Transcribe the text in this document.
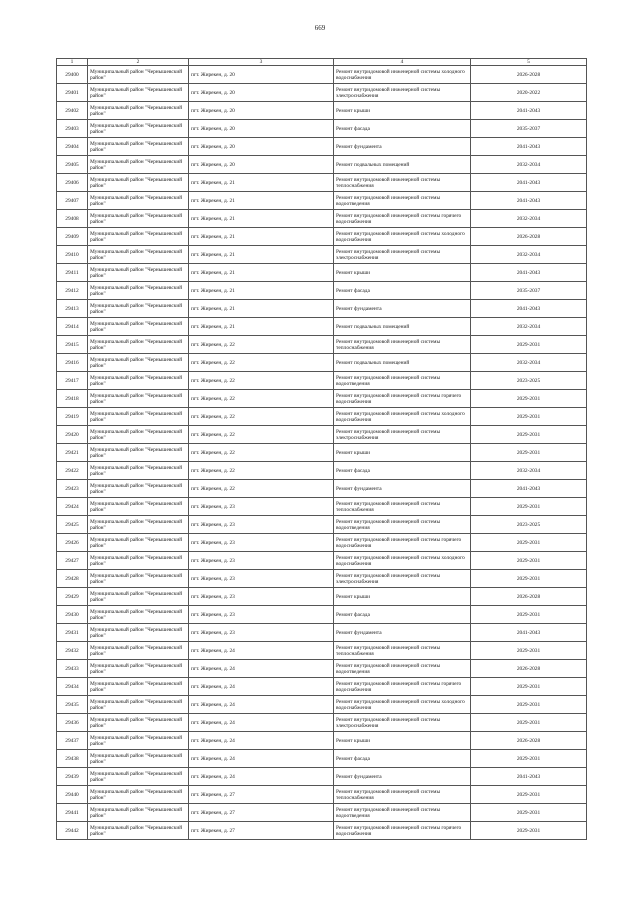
669
1	2	3	4	5
29400	Муниципальный район "Чернышевский район"	пгт. Жирекен, д. 20	Ремонт внутридомовой инженерной системы холодного водоснабжения	2026-2028
29401	Муниципальный район "Чернышевский район"	пгт. Жирекен, д. 20	Ремонт внутридомовой инженерной системы электроснабжения	2020-2022
29402	Муниципальный район "Чернышевский район"	пгт. Жирекен, д. 20	Ремонт крыши	2041-2043
29403	Муниципальный район "Чернышевский район"	пгт. Жирекен, д. 20	Ремонт фасада	2035-2037
29404	Муниципальный район "Чернышевский район"	пгт. Жирекен, д. 20	Ремонт фундамента	2041-2043
29405	Муниципальный район "Чернышевский район"	пгт. Жирекен, д. 20	Ремонт подвальных помещений	2032-2034
29406	Муниципальный район "Чернышевский район"	пгт. Жирекен, д. 21	Ремонт внутридомовой инженерной системы теплоснабжения	2041-2043
29407	Муниципальный район "Чернышевский район"	пгт. Жирекен, д. 21	Ремонт внутридомовой инженерной системы водоотведения	2041-2043
29408	Муниципальный район "Чернышевский район"	пгт. Жирекен, д. 21	Ремонт внутридомовой инженерной системы горячего водоснабжения	2032-2034
29409	Муниципальный район "Чернышевский район"	пгт. Жирекен, д. 21	Ремонт внутридомовой инженерной системы холодного водоснабжения	2026-2028
29410	Муниципальный район "Чернышевский район"	пгт. Жирекен, д. 21	Ремонт внутридомовой инженерной системы электроснабжения	2032-2034
29411	Муниципальный район "Чернышевский район"	пгт. Жирекен, д. 21	Ремонт крыши	2041-2043
29412	Муниципальный район "Чернышевский район"	пгт. Жирекен, д. 21	Ремонт фасада	2035-2037
29413	Муниципальный район "Чернышевский район"	пгт. Жирекен, д. 21	Ремонт фундамента	2041-2043
29414	Муниципальный район "Чернышевский район"	пгт. Жирекен, д. 21	Ремонт подвальных помещений	2032-2034
29415	Муниципальный район "Чернышевский район"	пгт. Жирекен, д. 22	Ремонт внутридомовой инженерной системы теплоснабжения	2029-2031
29416	Муниципальный район "Чернышевский район"	пгт. Жирекен, д. 22	Ремонт подвальных помещений	2032-2034
29417	Муниципальный район "Чернышевский район"	пгт. Жирекен, д. 22	Ремонт внутридомовой инженерной системы водоотведения	2023-2025
29418	Муниципальный район "Чернышевский район"	пгт. Жирекен, д. 22	Ремонт внутридомовой инженерной системы горячего водоснабжения	2029-2031
29419	Муниципальный район "Чернышевский район"	пгт. Жирекен, д. 22	Ремонт внутридомовой инженерной системы холодного водоснабжения	2029-2031
29420	Муниципальный район "Чернышевский район"	пгт. Жирекен, д. 22	Ремонт внутридомовой инженерной системы электроснабжения	2029-2031
29421	Муниципальный район "Чернышевский район"	пгт. Жирекен, д. 22	Ремонт крыши	2029-2031
29422	Муниципальный район "Чернышевский район"	пгт. Жирекен, д. 22	Ремонт фасада	2032-2034
29423	Муниципальный район "Чернышевский район"	пгт. Жирекен, д. 22	Ремонт фундамента	2041-2043
29424	Муниципальный район "Чернышевский район"	пгт. Жирекен, д. 23	Ремонт внутридомовой инженерной системы теплоснабжения	2029-2031
29425	Муниципальный район "Чернышевский район"	пгт. Жирекен, д. 23	Ремонт внутридомовой инженерной системы водоотведения	2023-2025
29426	Муниципальный район "Чернышевский район"	пгт. Жирекен, д. 23	Ремонт внутридомовой инженерной системы горячего водоснабжения	2029-2031
29427	Муниципальный район "Чернышевский район"	пгт. Жирекен, д. 23	Ремонт внутридомовой инженерной системы холодного водоснабжения	2029-2031
29428	Муниципальный район "Чернышевский район"	пгт. Жирекен, д. 23	Ремонт внутридомовой инженерной системы электроснабжения	2029-2031
29429	Муниципальный район "Чернышевский район"	пгт. Жирекен, д. 23	Ремонт крыши	2026-2028
29430	Муниципальный район "Чернышевский район"	пгт. Жирекен, д. 23	Ремонт фасада	2029-2031
29431	Муниципальный район "Чернышевский район"	пгт. Жирекен, д. 23	Ремонт фундамента	2041-2043
29432	Муниципальный район "Чернышевский район"	пгт. Жирекен, д. 24	Ремонт внутридомовой инженерной системы теплоснабжения	2029-2031
29433	Муниципальный район "Чернышевский район"	пгт. Жирекен, д. 24	Ремонт внутридомовой инженерной системы водоотведения	2026-2028
29434	Муниципальный район "Чернышевский район"	пгт. Жирекен, д. 24	Ремонт внутридомовой инженерной системы горячего водоснабжения	2029-2031
29435	Муниципальный район "Чернышевский район"	пгт. Жирекен, д. 24	Ремонт внутридомовой инженерной системы холодного водоснабжения	2029-2031
29436	Муниципальный район "Чернышевский район"	пгт. Жирекен, д. 24	Ремонт внутридомовой инженерной системы электроснабжения	2029-2031
29437	Муниципальный район "Чернышевский район"	пгт. Жирекен, д. 24	Ремонт крыши	2026-2028
29438	Муниципальный район "Чернышевский район"	пгт. Жирекен, д. 24	Ремонт фасада	2029-2031
29439	Муниципальный район "Чернышевский район"	пгт. Жирекен, д. 24	Ремонт фундамента	2041-2043
29440	Муниципальный район "Чернышевский район"	пгт. Жирекен, д. 27	Ремонт внутридомовой инженерной системы теплоснабжения	2029-2031
29441	Муниципальный район "Чернышевский район"	пгт. Жирекен, д. 27	Ремонт внутридомовой инженерной системы водоотведения	2029-2031
29442	Муниципальный район "Чернышевский район"	пгт. Жирекен, д. 27	Ремонт внутридомовой инженерной системы горячего водоснабжения	2029-2031
